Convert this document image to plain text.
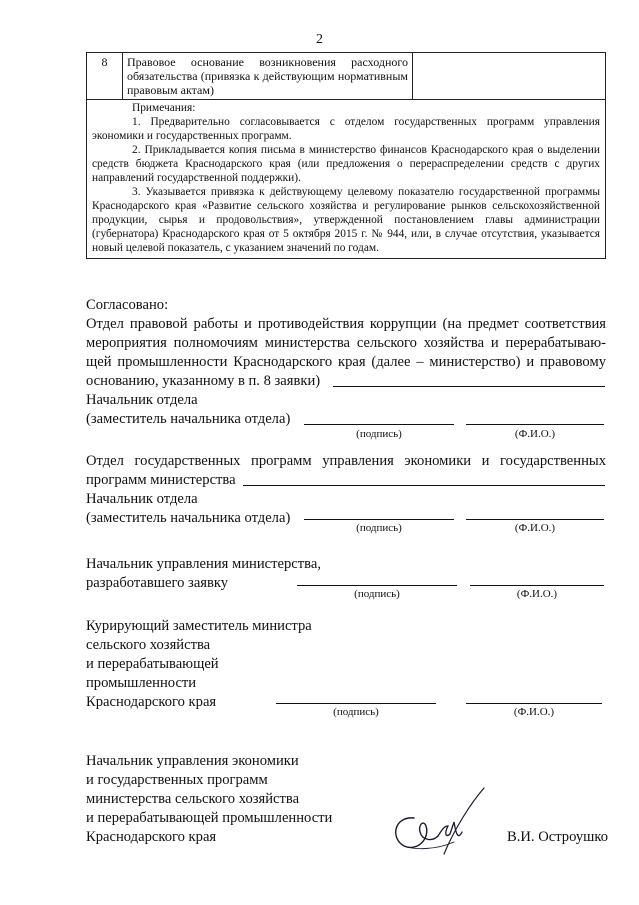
2
8	Правовое основание возникновения расходного обязательства (привязка к действующим нормативным правовым актам)

Примечания:

1. Предварительно согласовывается с отделом государственных программ управления экономики и государственных программ.

2. Прикладывается копия письма в министерство финансов Краснодарского края о выделении средств бюджета Краснодарского края (или предложения о перераспределении средств с других направлений государственной поддержки).

3. Указывается привязка к действующему целевому показателю государственной программы Краснодарского края «Развитие сельского хозяйства и регулирование рынков сельскохозяйственной продукции, сырья и продовольствия», утвержденной постановлением главы администрации (губернатора) Краснодарского края от 5 октября 2015 г. № 944, или, в случае отсутствия, указывается новый целевой показатель, с указанием значений по годам.

Согласовано:
Отдел правовой работы и противодействия коррупции (на предмет соответствия
мероприятия полномочиям министерства сельского хозяйства и перерабатываю-
щей промышленности Краснодарского края (далее – министерство) и правовому
основанию, указанному в п. 8 заявки)
Начальник отдела
(заместитель начальника отдела)
(подпись)	(Ф.И.О.)
Отдел государственных программ управления экономики и государственных
программ министерства
Начальник отдела
(заместитель начальника отдела)
(подпись)	(Ф.И.О.)
Начальник управления министерства,
разработавшего заявку
(подпись)	(Ф.И.О.)
Курирующий заместитель министра
сельского хозяйства
и перерабатывающей
промышленности
Краснодарского края
(подпись)	(Ф.И.О.)
Начальник управления экономики
и государственных программ
министерства сельского хозяйства
и перерабатывающей промышленности
Краснодарского края	В.И. Остроушко
